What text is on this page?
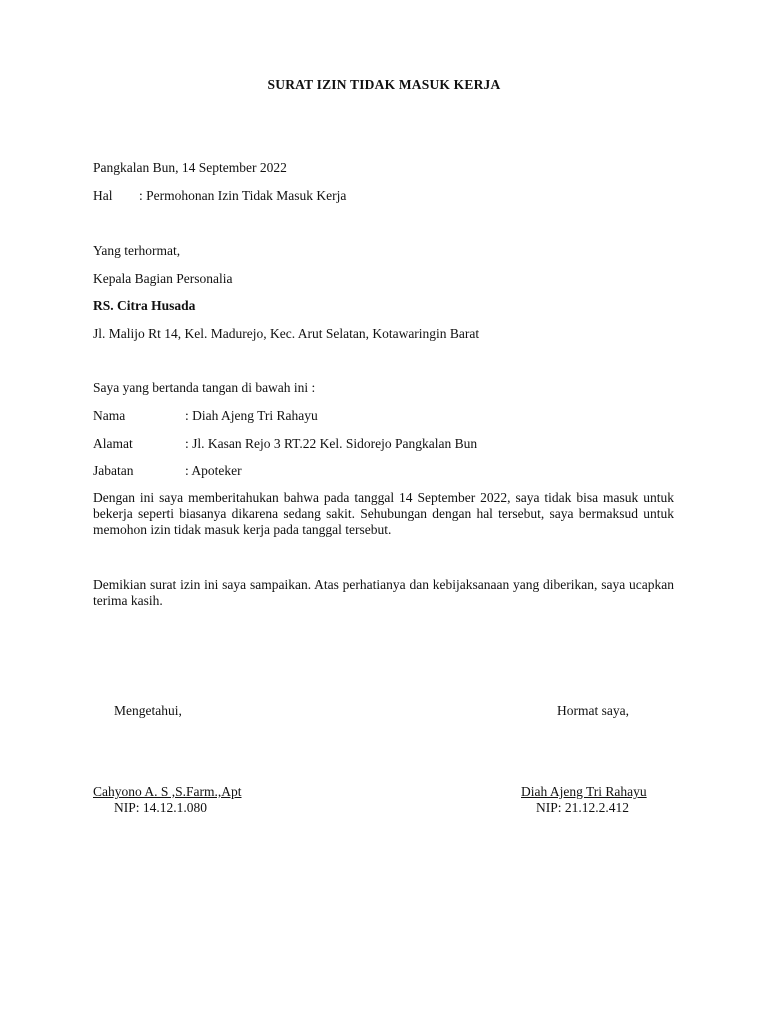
SURAT IZIN TIDAK MASUK KERJA
Pangkalan Bun, 14 September 2022
Hal : Permohonan Izin Tidak Masuk Kerja
Yang terhormat,
Kepala Bagian Personalia
RS. Citra Husada
Jl. Malijo Rt 14, Kel. Madurejo, Kec. Arut Selatan, Kotawaringin Barat
Saya yang bertanda tangan di bawah ini :
Nama	: Diah Ajeng Tri Rahayu
Alamat	: Jl. Kasan Rejo 3 RT.22 Kel. Sidorejo Pangkalan Bun
Jabatan	: Apoteker
Dengan ini saya memberitahukan bahwa pada tanggal 14 September 2022, saya tidak bisa masuk untuk bekerja seperti biasanya dikarena sedang sakit. Sehubungan dengan hal tersebut, saya bermaksud untuk memohon izin tidak masuk kerja pada tanggal tersebut.
Demikian surat izin ini saya sampaikan. Atas perhatianya dan kebijaksanaan yang diberikan, saya ucapkan terima kasih.
Mengetahui,	Hormat saya,
Cahyono A. S ,S.Farm.,Apt
NIP: 14.12.1.080
Diah Ajeng Tri Rahayu
NIP: 21.12.2.412
